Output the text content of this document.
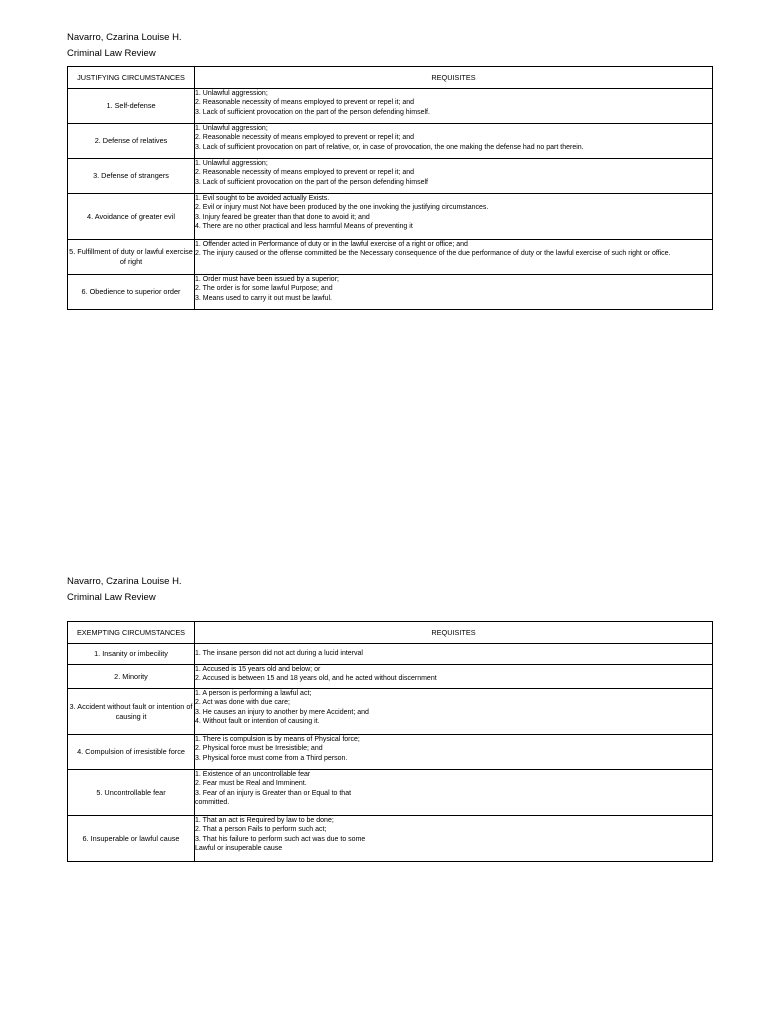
Navarro, Czarina Louise H.
Criminal Law Review
JUSTIFYING CIRCUMSTANCES	REQUISITES
1. Self-defense	1. Unlawful aggression;
2. Reasonable necessity of means employed to prevent or repel it; and
3. Lack of sufficient provocation on the part of the person defending himself.

2. Defense of relatives	1. Unlawful aggression;
2. Reasonable necessity of means employed to prevent or repel it; and
3. Lack of sufficient provocation on part of relative, or, in case of provocation, the one making the defense had no part therein.

3. Defense of strangers	1. Unlawful aggression;
2. Reasonable necessity of means employed to prevent or repel it; and
3. Lack of sufficient provocation on the part of the person defending himself

4. Avoidance of greater evil	1. Evil sought to be avoided actually Exists.
2. Evil or injury must Not have been produced by the one invoking the justifying circumstances.
3. Injury feared be greater than that done to avoid it; and
4. There are no other practical and less harmful Means of preventing it

5. Fulfillment of duty or lawful exercise of right	1. Offender acted in Performance of duty or in the lawful exercise of a right or office; and
2. The injury caused or the offense committed be the Necessary consequence of the due performance of duty or the lawful exercise of such right or office.

6. Obedience to superior order	1. Order must have been issued by a superior;
2. The order is for some lawful Purpose; and
3. Means used to carry it out must be lawful.
Navarro, Czarina Louise H.
Criminal Law Review
EXEMPTING CIRCUMSTANCES	REQUISITES
1. Insanity or imbecility	1. The insane person did not act during a lucid interval

2. Minority	1. Accused is 15 years old and below; or
2. Accused is between 15 and 18 years old, and he acted without discernment

3. Accident without fault or intention of causing it	1. A person is performing a lawful act;
2. Act was done with due care;
3. He causes an injury to another by mere Accident; and
4. Without fault or intention of causing it.

4. Compulsion of irresistible force	1. There is compulsion is by means of Physical force;
2. Physical force must be Irresistible; and
3. Physical force must come from a Third person.

5. Uncontrollable fear	1. Existence of an uncontrollable fear
2. Fear must be Real and Imminent.
3. Fear of an injury is Greater than or Equal to that
committed.

6. Insuperable or lawful cause	1. That an act is Required by law to be done;
2. That a person Fails to perform such act;
3. That his failure to perform such act was due to some
Lawful or insuperable cause
